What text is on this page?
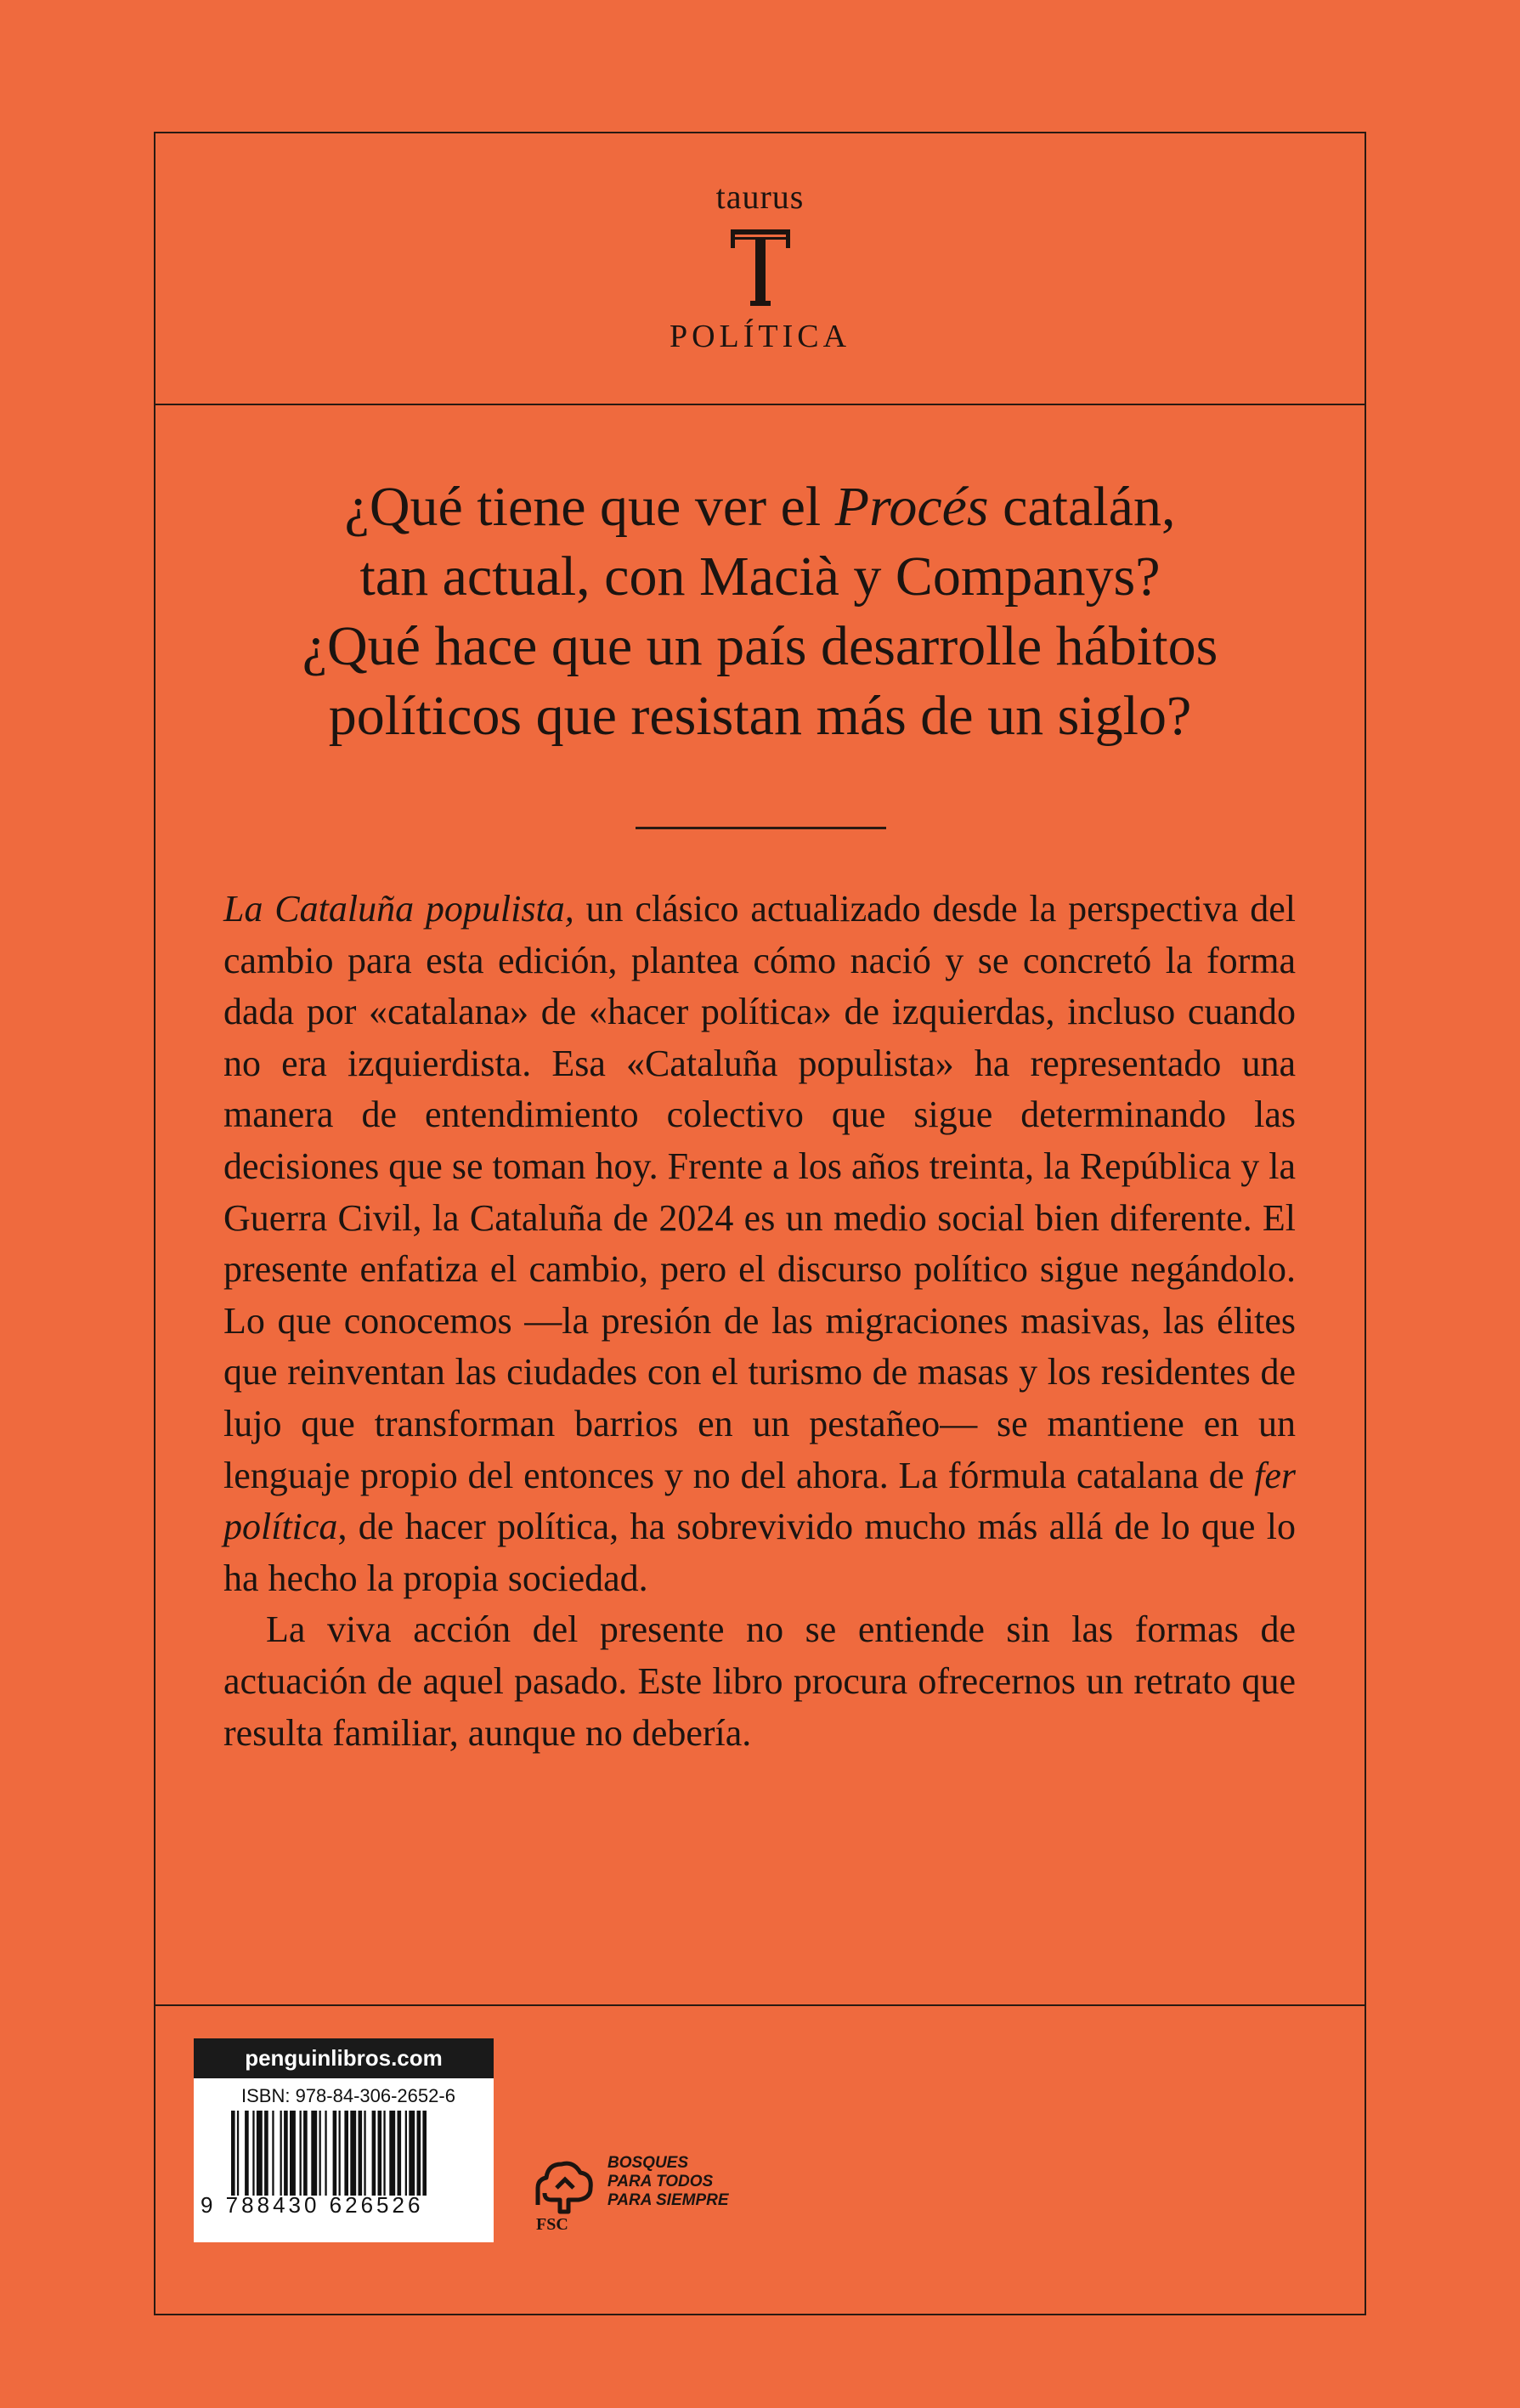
taurus
POLÍTICA

¿Qué tiene que ver el Procés catalán,

tan actual, con Macià y Companys?

¿Qué hace que un país desarrolle hábitos

políticos que resistan más de un siglo?

La Cataluña populista, un clásico actualizado desde la perspectiva del cambio para esta edición, plantea cómo nació y se concretó la forma dada por «catalana» de «hacer política» de izquierdas, incluso cuando no era izquierdista. Esa «Cataluña populista» ha representado una manera de entendimiento colectivo que sigue determinando las decisiones que se toman hoy. Frente a los años treinta, la República y la Guerra Civil, la Cataluña de 2024 es un medio social bien diferente. El presente enfatiza el cambio, pero el discurso político sigue negándolo. Lo que conocemos —la presión de las migraciones masivas, las élites que reinventan las ciudades con el turismo de masas y los residentes de lujo que transforman barrios en un pestañeo— se mantiene en un lenguaje propio del entonces y no del ahora. La fórmula catalana de fer política, de hacer política, ha sobrevivido mucho más allá de lo que lo ha hecho la propia sociedad.

La viva acción del presente no se entiende sin las formas de actuación de aquel pasado. Este libro procura ofrecernos un retrato que resulta familiar, aunque no debería.

penguinlibros.com
ISBN: 978-84-306-2652-6
9 788430 626526
BOSQUES
PARA TODOS
PARA SIEMPRE
FSC
